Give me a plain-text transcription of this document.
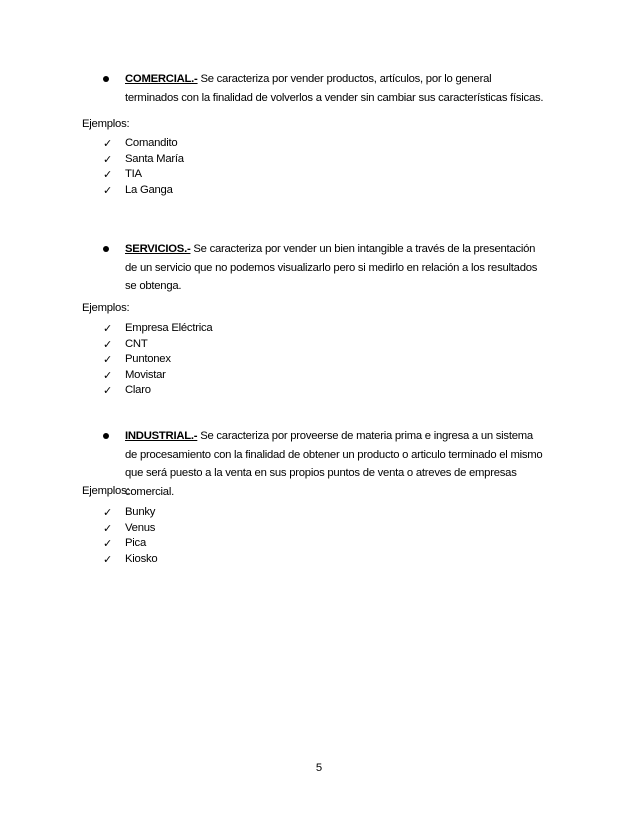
COMERCIAL.- Se caracteriza por vender productos, artículos, por lo general terminados con la finalidad de volverlos a vender sin cambiar sus características físicas.
Ejemplos:
✓ Comandito
✓ Santa María
✓ TIA
✓ La Ganga
SERVICIOS.- Se caracteriza por vender un bien intangible a través de la presentación de un servicio que no podemos visualizarlo pero si medirlo en relación a los resultados se obtenga.
Ejemplos:
✓ Empresa Eléctrica
✓ CNT
✓ Puntonex
✓ Movistar
✓ Claro
INDUSTRIAL.- Se caracteriza por proveerse de materia prima e ingresa a un sistema de procesamiento con la finalidad de obtener un producto o articulo terminado el mismo que será puesto a la venta en sus propios puntos de venta o atreves de empresas comercial.
Ejemplos:
✓ Bunky
✓ Venus
✓ Pica
✓ Kiosko
5
